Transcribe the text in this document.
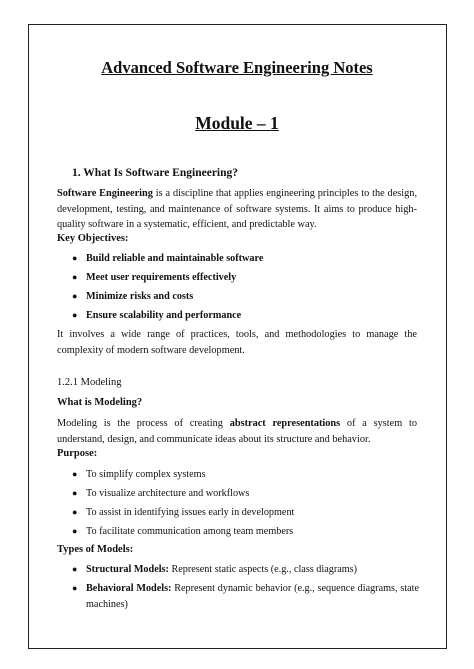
Advanced Software Engineering Notes
Module – 1
1. What Is Software Engineering?
Software Engineering is a discipline that applies engineering principles to the design, development, testing, and maintenance of software systems. It aims to produce high-quality software in a systematic, efficient, and predictable way.
Key Objectives:
● Build reliable and maintainable software
● Meet user requirements effectively
● Minimize risks and costs
● Ensure scalability and performance
It involves a wide range of practices, tools, and methodologies to manage the complexity of modern software development.
1.2.1 Modeling
What is Modeling?
Modeling is the process of creating abstract representations of a system to understand, design, and communicate ideas about its structure and behavior.
Purpose:
● To simplify complex systems
● To visualize architecture and workflows
● To assist in identifying issues early in development
● To facilitate communication among team members
Types of Models:
● Structural Models: Represent static aspects (e.g., class diagrams)
● Behavioral Models: Represent dynamic behavior (e.g., sequence diagrams, state machines)
